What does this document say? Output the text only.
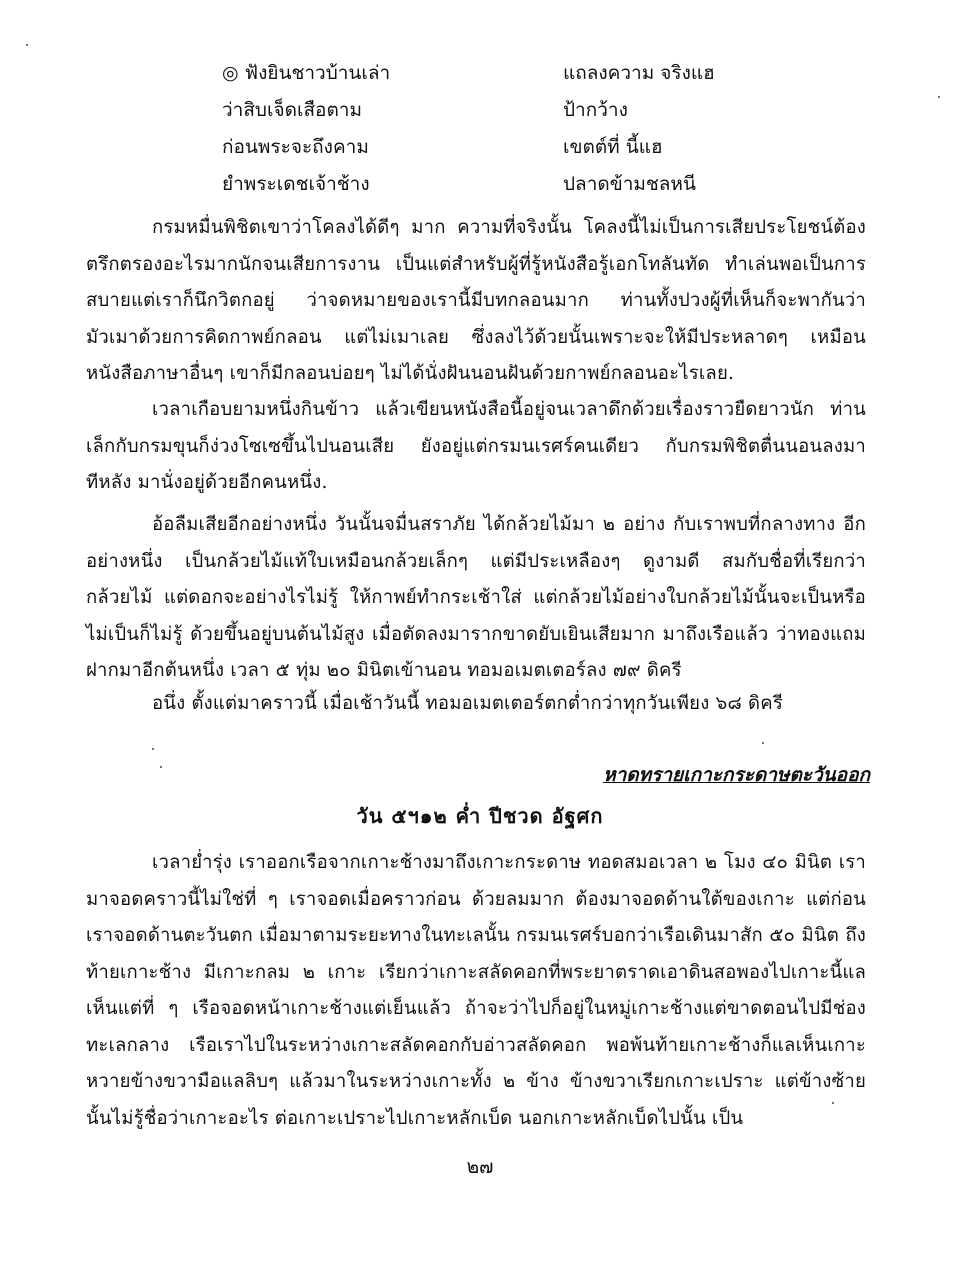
◎ ฟังยินชาวบ้านเล่า	แถลงความ จริงแฮ
ว่าสิบเจ็ดเสือตาม	ป้ากว้าง
ก่อนพระจะถึงคาม	เขตต์ที่ นี้แฮ
ยำพระเดชเจ้าช้าง	ปลาดข้ามชลหนี

กรมหมื่นพิชิตเขาว่าโคลงได้ดีๆ มาก ความที่จริงนั้น โคลงนี้ไม่เป็นการเสียประโยชน์ต้องตรึกตรองอะไรมากนักจนเสียการงาน เป็นแต่สำหรับผู้ที่รู้หนังสือรู้เอกโทลันทัด ทำเล่นพอเป็นการสบายแต่เราก็นึกวิตกอยู่ ว่าจดหมายของเรานี้มีบทกลอนมาก ท่านทั้งปวงผู้ที่เห็นก็จะพากันว่ามัวเมาด้วยการคิดกาพย์กลอน แต่ไม่เมาเลย ซึ่งลงไว้ด้วยนั้นเพราะจะให้มีประหลาดๆ เหมือนหนังสือภาษาอื่นๆ เขาก็มีกลอนบ่อยๆ ไม่ได้นั่งฝันนอนฝันด้วยกาพย์กลอนอะไรเลย.

เวลาเกือบยามหนึ่งกินข้าว แล้วเขียนหนังสือนี้อยู่จนเวลาดึกด้วยเรื่องราวยืดยาวนัก ท่านเล็กกับกรมขุนก็ง่วงโซเซขึ้นไปนอนเสีย ยังอยู่แต่กรมนเรศร์คนเดียว กับกรมพิชิตตื่นนอนลงมาทีหลัง มานั่งอยู่ด้วยอีกคนหนึ่ง.

อ้อลืมเสียอีกอย่างหนึ่ง วันนั้นจมื่นสราภัย ได้กล้วยไม้มา ๒ อย่าง กับเราพบที่กลางทาง อีกอย่างหนึ่ง เป็นกล้วยไม้แท้ใบเหมือนกล้วยเล็กๆ แต่มีประเหลืองๆ ดูงามดี สมกับชื่อที่เรียกว่ากล้วยไม้ แต่ดอกจะอย่างไรไม่รู้ ให้กาพย์ทำกระเช้าใส่ แต่กล้วยไม้อย่างใบกล้วยไม้นั้นจะเป็นหรือไม่เป็นก็ไม่รู้ ด้วยขึ้นอยู่บนต้นไม้สูง เมื่อตัดลงมารากขาดยับเยินเสียมาก มาถึงเรือแล้ว ว่าทองแถมฝากมาอีกต้นหนึ่ง เวลา ๕ ทุ่ม ๒๐ มินิตเข้านอน ทอมอเมตเตอร์ลง ๗๙ ดิครี

อนึ่ง ตั้งแต่มาคราวนี้ เมื่อเช้าวันนี้ ทอมอเมตเตอร์ตกต่ำกว่าทุกวันเพียง ๖๘ ดิครี

หาดทรายเกาะกระดาษตะวันออก
วัน ๕ฯ๑๒ ค่ำ ปีชวด อัฐศก

เวลาย่ำรุ่ง เราออกเรือจากเกาะช้างมาถึงเกาะกระดาษ ทอดสมอเวลา ๒ โมง ๔๐ มินิต เรามาจอดคราวนี้ไม่ใช่ที่ ๆ เราจอดเมื่อคราวก่อน ด้วยลมมาก ต้องมาจอดด้านใต้ของเกาะ แต่ก่อนเราจอดด้านตะวันตก เมื่อมาตามระยะทางในทะเลนั้น กรมนเรศร์บอกว่าเรือเดินมาสัก ๕๐ มินิต ถึงท้ายเกาะช้าง มีเกาะกลม ๒ เกาะ เรียกว่าเกาะสลัดคอกที่พระยาตราดเอาดินสอพองไปเกาะนี้แลเห็นแต่ที่ ๆ เรือจอดหน้าเกาะช้างแต่เย็นแล้ว ถ้าจะว่าไปก็อยู่ในหมู่เกาะช้างแต่ขาดตอนไปมีช่องทะเลกลาง เรือเราไปในระหว่างเกาะสลัดคอกกับอ่าวสลัดคอก พอพ้นท้ายเกาะช้างก็แลเห็นเกาะหวายข้างขวามือแลลิบๆ แล้วมาในระหว่างเกาะทั้ง ๒ ข้าง ข้างขวาเรียกเกาะเปราะ แต่ข้างซ้ายนั้นไม่รู้ชื่อว่าเกาะอะไร ต่อเกาะเปราะไปเกาะหลักเบ็ด นอกเกาะหลักเบ็ดไปนั้น เป็น

๒๗
